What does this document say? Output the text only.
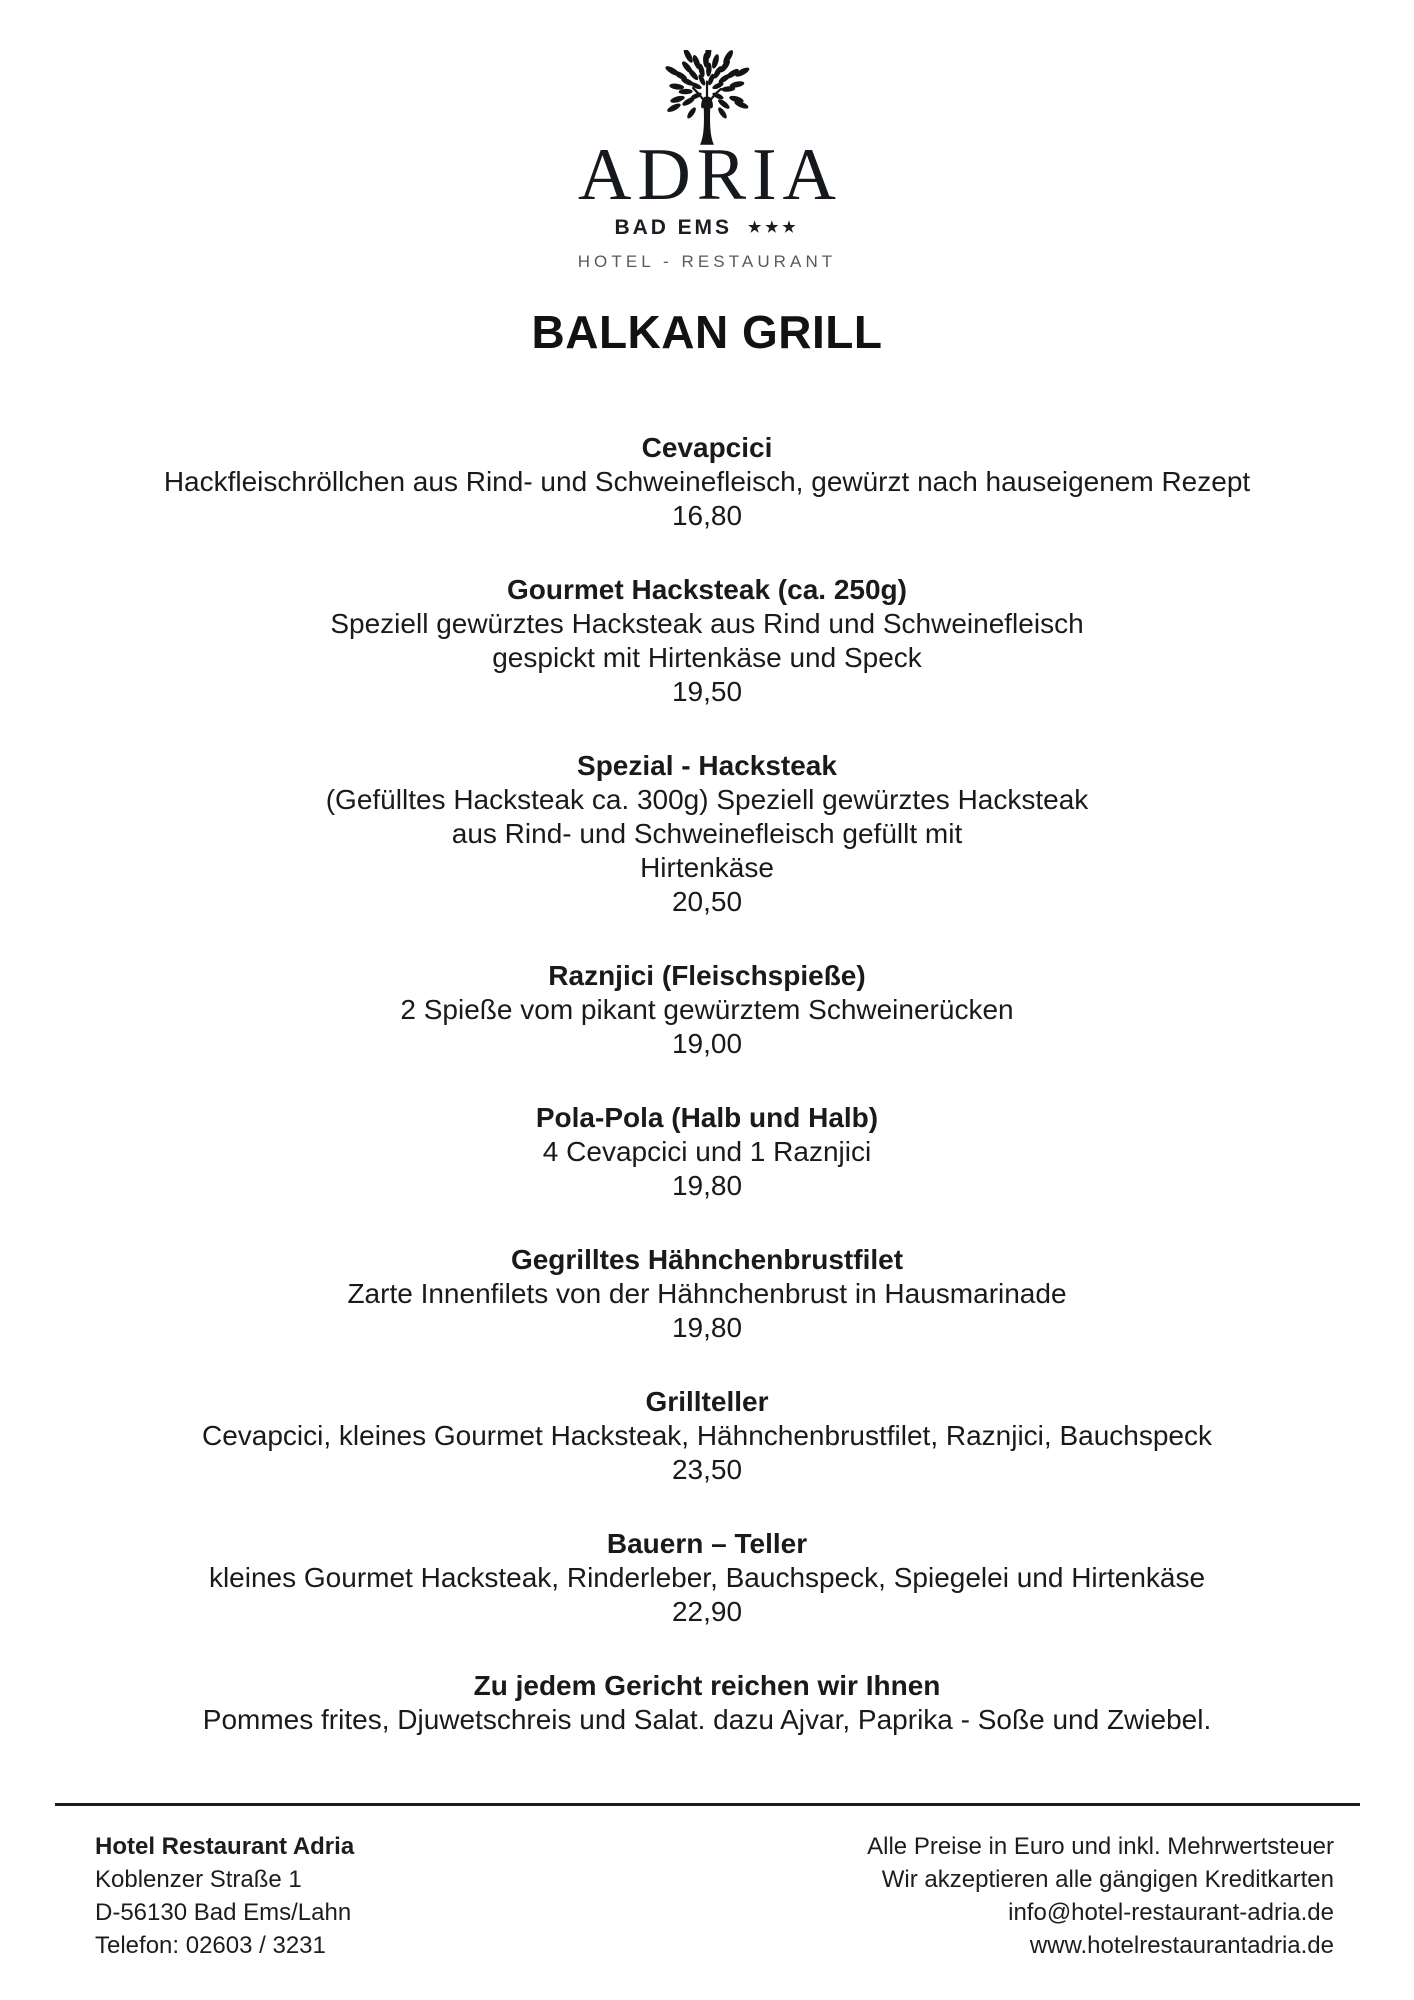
ADRIA
BAD EMS ★★★
HOTEL - RESTAURANT
BALKAN GRILL
Cevapcici
Hackfleischröllchen aus Rind- und Schweinefleisch, gewürzt nach hauseigenem Rezept
16,80
Gourmet Hacksteak (ca. 250g)
Speziell gewürztes Hacksteak aus Rind und Schweinefleisch
gespickt mit Hirtenkäse und Speck
19,50
Spezial - Hacksteak
(Gefülltes Hacksteak ca. 300g) Speziell gewürztes Hacksteak
aus Rind- und Schweinefleisch gefüllt mit
Hirtenkäse
20,50
Raznjici (Fleischspieße)
2 Spieße vom pikant gewürztem Schweinerücken
19,00
Pola-Pola (Halb und Halb)
4 Cevapcici und 1 Raznjici
19,80
Gegrilltes Hähnchenbrustfilet
Zarte Innenfilets von der Hähnchenbrust in Hausmarinade
19,80
Grillteller
Cevapcici, kleines Gourmet Hacksteak, Hähnchenbrustfilet, Raznjici, Bauchspeck
23,50
Bauern – Teller
kleines Gourmet Hacksteak, Rinderleber, Bauchspeck, Spiegelei und Hirtenkäse
22,90
Zu jedem Gericht reichen wir Ihnen
Pommes frites, Djuwetschreis und Salat. dazu Ajvar, Paprika - Soße und Zwiebel.
Hotel Restaurant Adria
Koblenzer Straße 1
D-56130 Bad Ems/Lahn
Telefon: 02603 / 3231
Alle Preise in Euro und inkl. Mehrwertsteuer
Wir akzeptieren alle gängigen Kreditkarten
info@hotel-restaurant-adria.de
www.hotelrestaurantadria.de
